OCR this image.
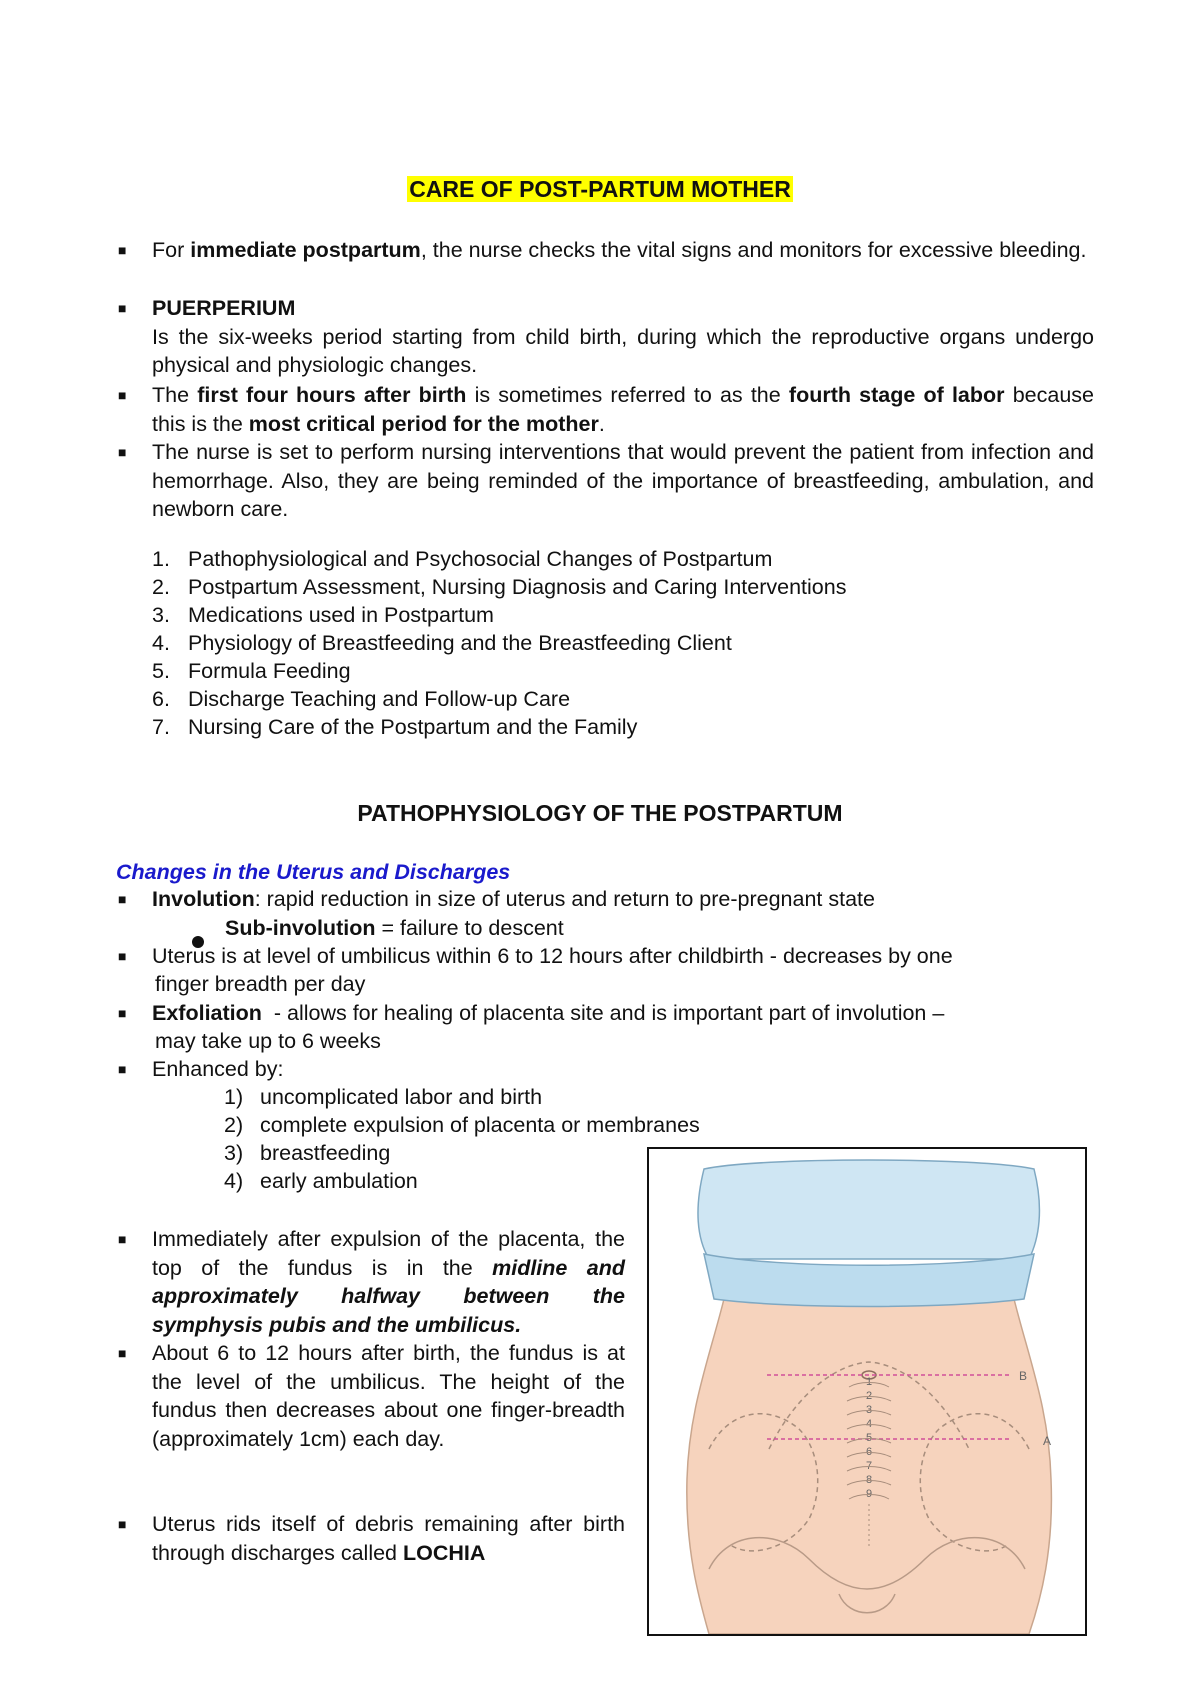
CARE OF POST-PARTUM MOTHER
■ For immediate postpartum, the nurse checks the vital signs and monitors for excessive bleeding.
■ PUERPERIUM
Is the six-weeks period starting from child birth, during which the reproductive organs undergo physical and physiologic changes.
■ The first four hours after birth is sometimes referred to as the fourth stage of labor because this is the most critical period for the mother.
■ The nurse is set to perform nursing interventions that would prevent the patient from infection and hemorrhage. Also, they are being reminded of the importance of breastfeeding, ambulation, and newborn care.
1. Pathophysiological and Psychosocial Changes of Postpartum
2. Postpartum Assessment, Nursing Diagnosis and Caring Interventions
3. Medications used in Postpartum
4. Physiology of Breastfeeding and the Breastfeeding Client
5. Formula Feeding
6. Discharge Teaching and Follow-up Care
7. Nursing Care of the Postpartum and the Family
PATHOPHYSIOLOGY OF THE POSTPARTUM
Changes in the Uterus and Discharges
■ Involution: rapid reduction in size of uterus and return to pre-pregnant state
Sub-involution = failure to descent
■ Uterus is at level of umbilicus within 6 to 12 hours after childbirth - decreases by one
finger breadth per day
■ Exfoliation  - allows for healing of placenta site and is important part of involution –
may take up to 6 weeks
■ Enhanced by:
1) uncomplicated labor and birth
2) complete expulsion of placenta or membranes
3) breastfeeding
4) early ambulation
■ Immediately after expulsion of the placenta, the top of the fundus is in the midline and approximately halfway between the symphysis pubis and the umbilicus.
■ About 6 to 12 hours after birth, the fundus is at the level of the umbilicus. The height of the fundus then decreases about one finger-breadth (approximately 1cm) each day.
■ Uterus rids itself of debris remaining after birth through discharges called LOCHIA
B
A
1
2
3
4
5
6
7
8
9
